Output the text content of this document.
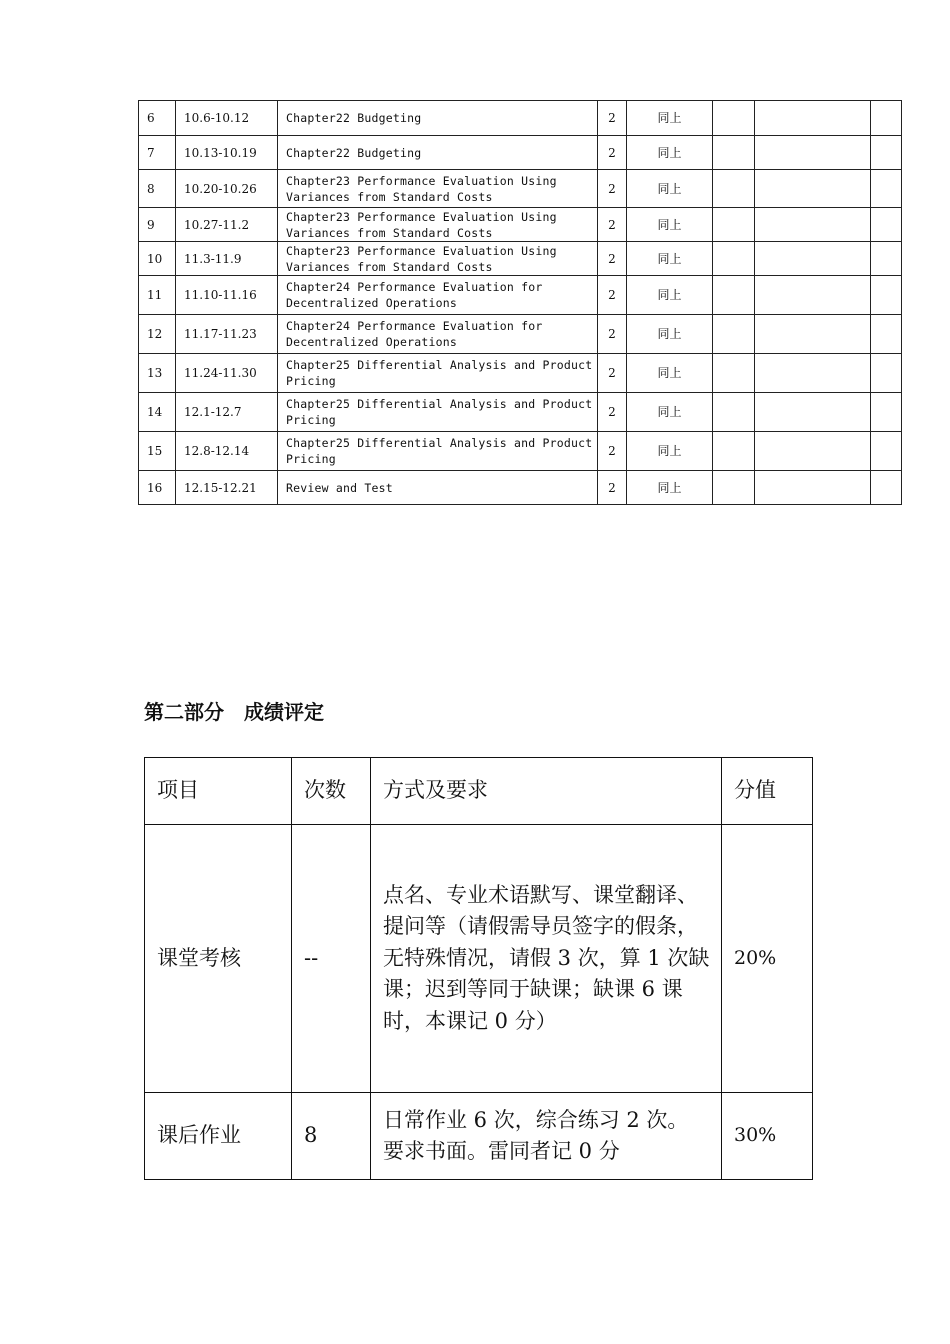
6	10.6-10.12	Chapter22 Budgeting	2	同上			
7	10.13-10.19	Chapter22 Budgeting	2	同上			
8	10.20-10.26	Chapter23 Performance Evaluation Using Variances from Standard Costs	2	同上			
9	10.27-11.2	Chapter23 Performance Evaluation Using Variances from Standard Costs	2	同上			
10	11.3-11.9	Chapter23 Performance Evaluation Using Variances from Standard Costs	2	同上			
11	11.10-11.16	Chapter24 Performance Evaluation for Decentralized Operations	2	同上			
12	11.17-11.23	Chapter24 Performance Evaluation for Decentralized Operations	2	同上			
13	11.24-11.30	Chapter25 Differential Analysis and Product Pricing	2	同上			
14	12.1-12.7	Chapter25 Differential Analysis and Product Pricing	2	同上			
15	12.8-12.14	Chapter25 Differential Analysis and Product Pricing	2	同上			
16	12.15-12.21	Review and Test	2	同上			
第二部分 成绩评定
项目	次数	方式及要求	分值
课堂考核	--	点名、专业术语默写、课堂翻译、
提问等（请假需导员签字的假条，
无特殊情况，请假 3 次，算 1 次缺
课；迟到等同于缺课；缺课 6 课时，本课记 0 分）	20%
课后作业	8	日常作业 6 次，综合练习 2 次。
要求书面。雷同者记 0 分	30%
